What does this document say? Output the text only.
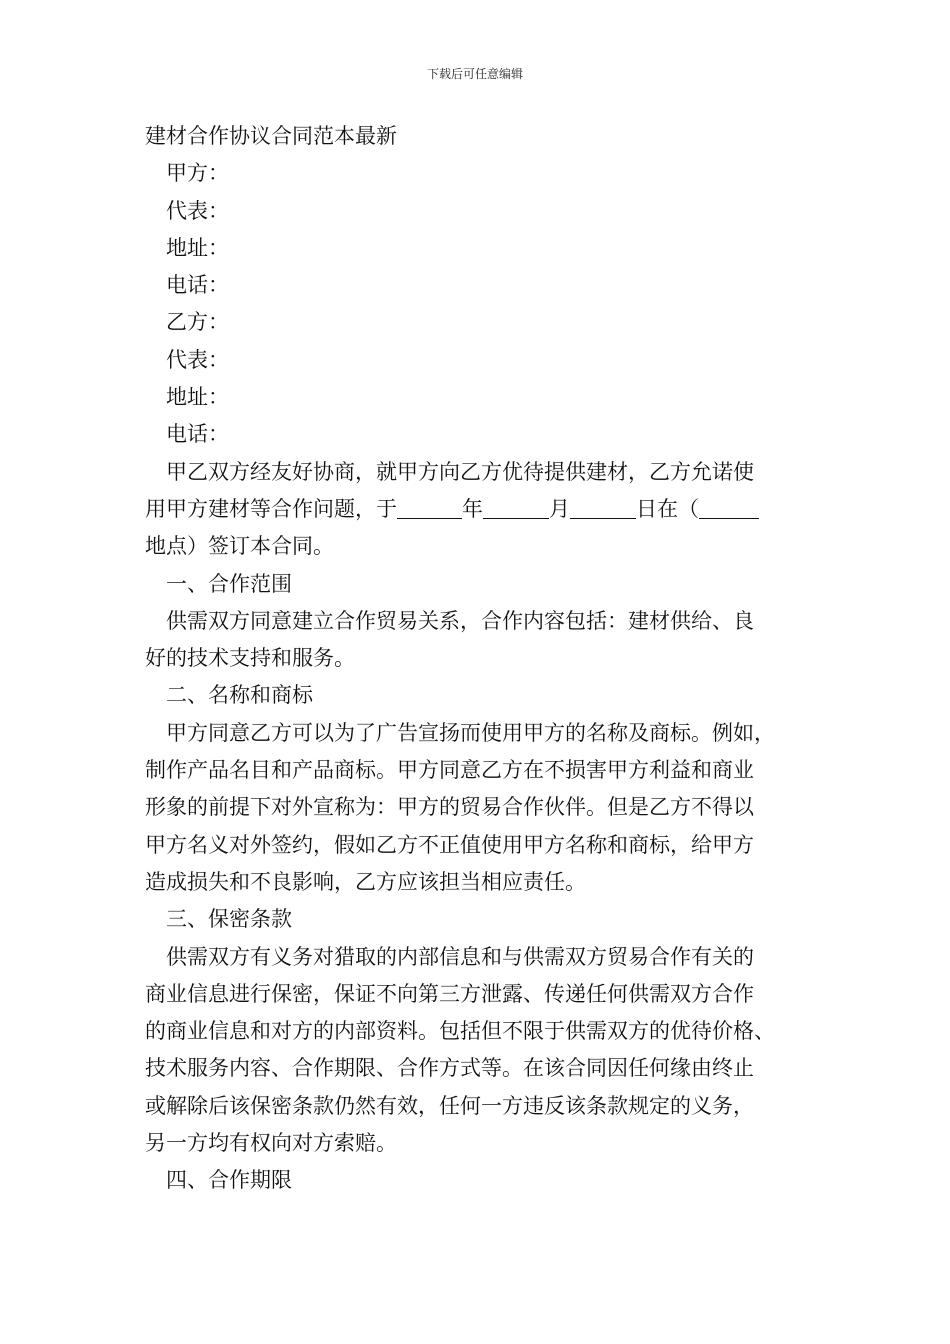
下载后可任意编辑
建材合作协议合同范本最新
甲方：
代表：
地址：
电话：
乙方：
代表：
地址：
电话：
甲乙双方经友好协商，就甲方向乙方优待提供建材，乙方允诺使
用甲方建材等合作问题，于	年	月	日在（
地点）签订本合同。
一、合作范围
供需双方同意建立合作贸易关系，合作内容包括：建材供给、良
好的技术支持和服务。
二、名称和商标
甲方同意乙方可以为了广告宣扬而使用甲方的名称及商标。例如，
制作产品名目和产品商标。甲方同意乙方在不损害甲方利益和商业
形象的前提下对外宣称为：甲方的贸易合作伙伴。但是乙方不得以
甲方名义对外签约，假如乙方不正值使用甲方名称和商标，给甲方
造成损失和不良影响，乙方应该担当相应责任。
三、保密条款
供需双方有义务对猎取的内部信息和与供需双方贸易合作有关的
商业信息进行保密，保证不向第三方泄露、传递任何供需双方合作
的商业信息和对方的内部资料。包括但不限于供需双方的优待价格、
技术服务内容、合作期限、合作方式等。在该合同因任何缘由终止
或解除后该保密条款仍然有效，任何一方违反该条款规定的义务，
另一方均有权向对方索赔。
四、合作期限
